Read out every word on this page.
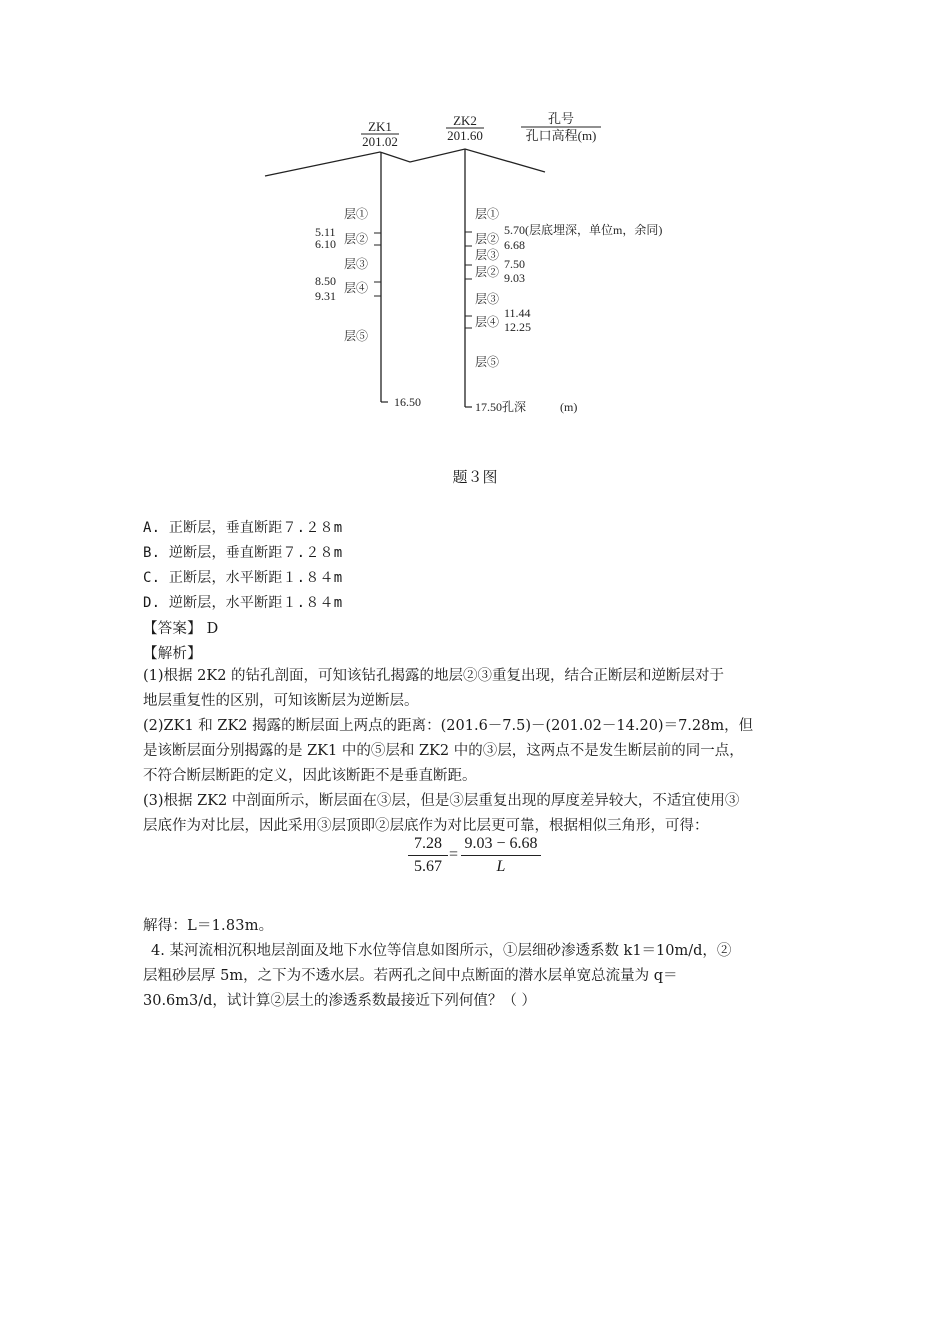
ZK1
201.02
ZK2
201.60
孔号
孔口高程(m)
层①
5.11 层②
6.10
层③
8.50 层④
9.31
层⑤
16.50
层①
5.70(层底埋深，单位m，余同)
层② 6.68
层③
7.50
层② 9.03
层③
层④
11.44
12.25
层⑤
17.50孔深	(m)
题３图
A. 正断层，垂直断距７.２８m
B. 逆断层，垂直断距７.２８m
C. 正断层，水平断距１.８４m
D. 逆断层，水平断距１.８４m
【答案】 D
【解析】
(1)根据 2K2 的钻孔剖面，可知该钻孔揭露的地层②③重复出现，结合正断层和逆断层对于
地层重复性的区别，可知该断层为逆断层。
(2)ZK1 和 ZK2 揭露的断层面上两点的距离：(201.6－7.5)－(201.02－14.20)＝7.28m，但
是该断层面分别揭露的是 ZK1 中的⑤层和 ZK2 中的③层，这两点不是发生断层前的同一点，
不符合断层断距的定义，因此该断距不是垂直断距。
(3)根据 ZK2 中剖面所示，断层面在③层，但是③层重复出现的厚度差异较大，不适宜使用③
层底作为对比层，因此采用③层顶即②层底作为对比层更可靠，根据相似三角形，可得：
$\frac{7.28}{5.67} = \frac{9.03 - 6.68}{L}$
解得：L＝1.83m。
4. 某河流相沉积地层剖面及地下水位等信息如图所示，①层细砂渗透系数 k1＝10m/d，②
层粗砂层厚 5m，之下为不透水层。若两孔之间中点断面的潜水层单宽总流量为 q＝
30.6m3/d，试计算②层土的渗透系数最接近下列何值？（ ）
